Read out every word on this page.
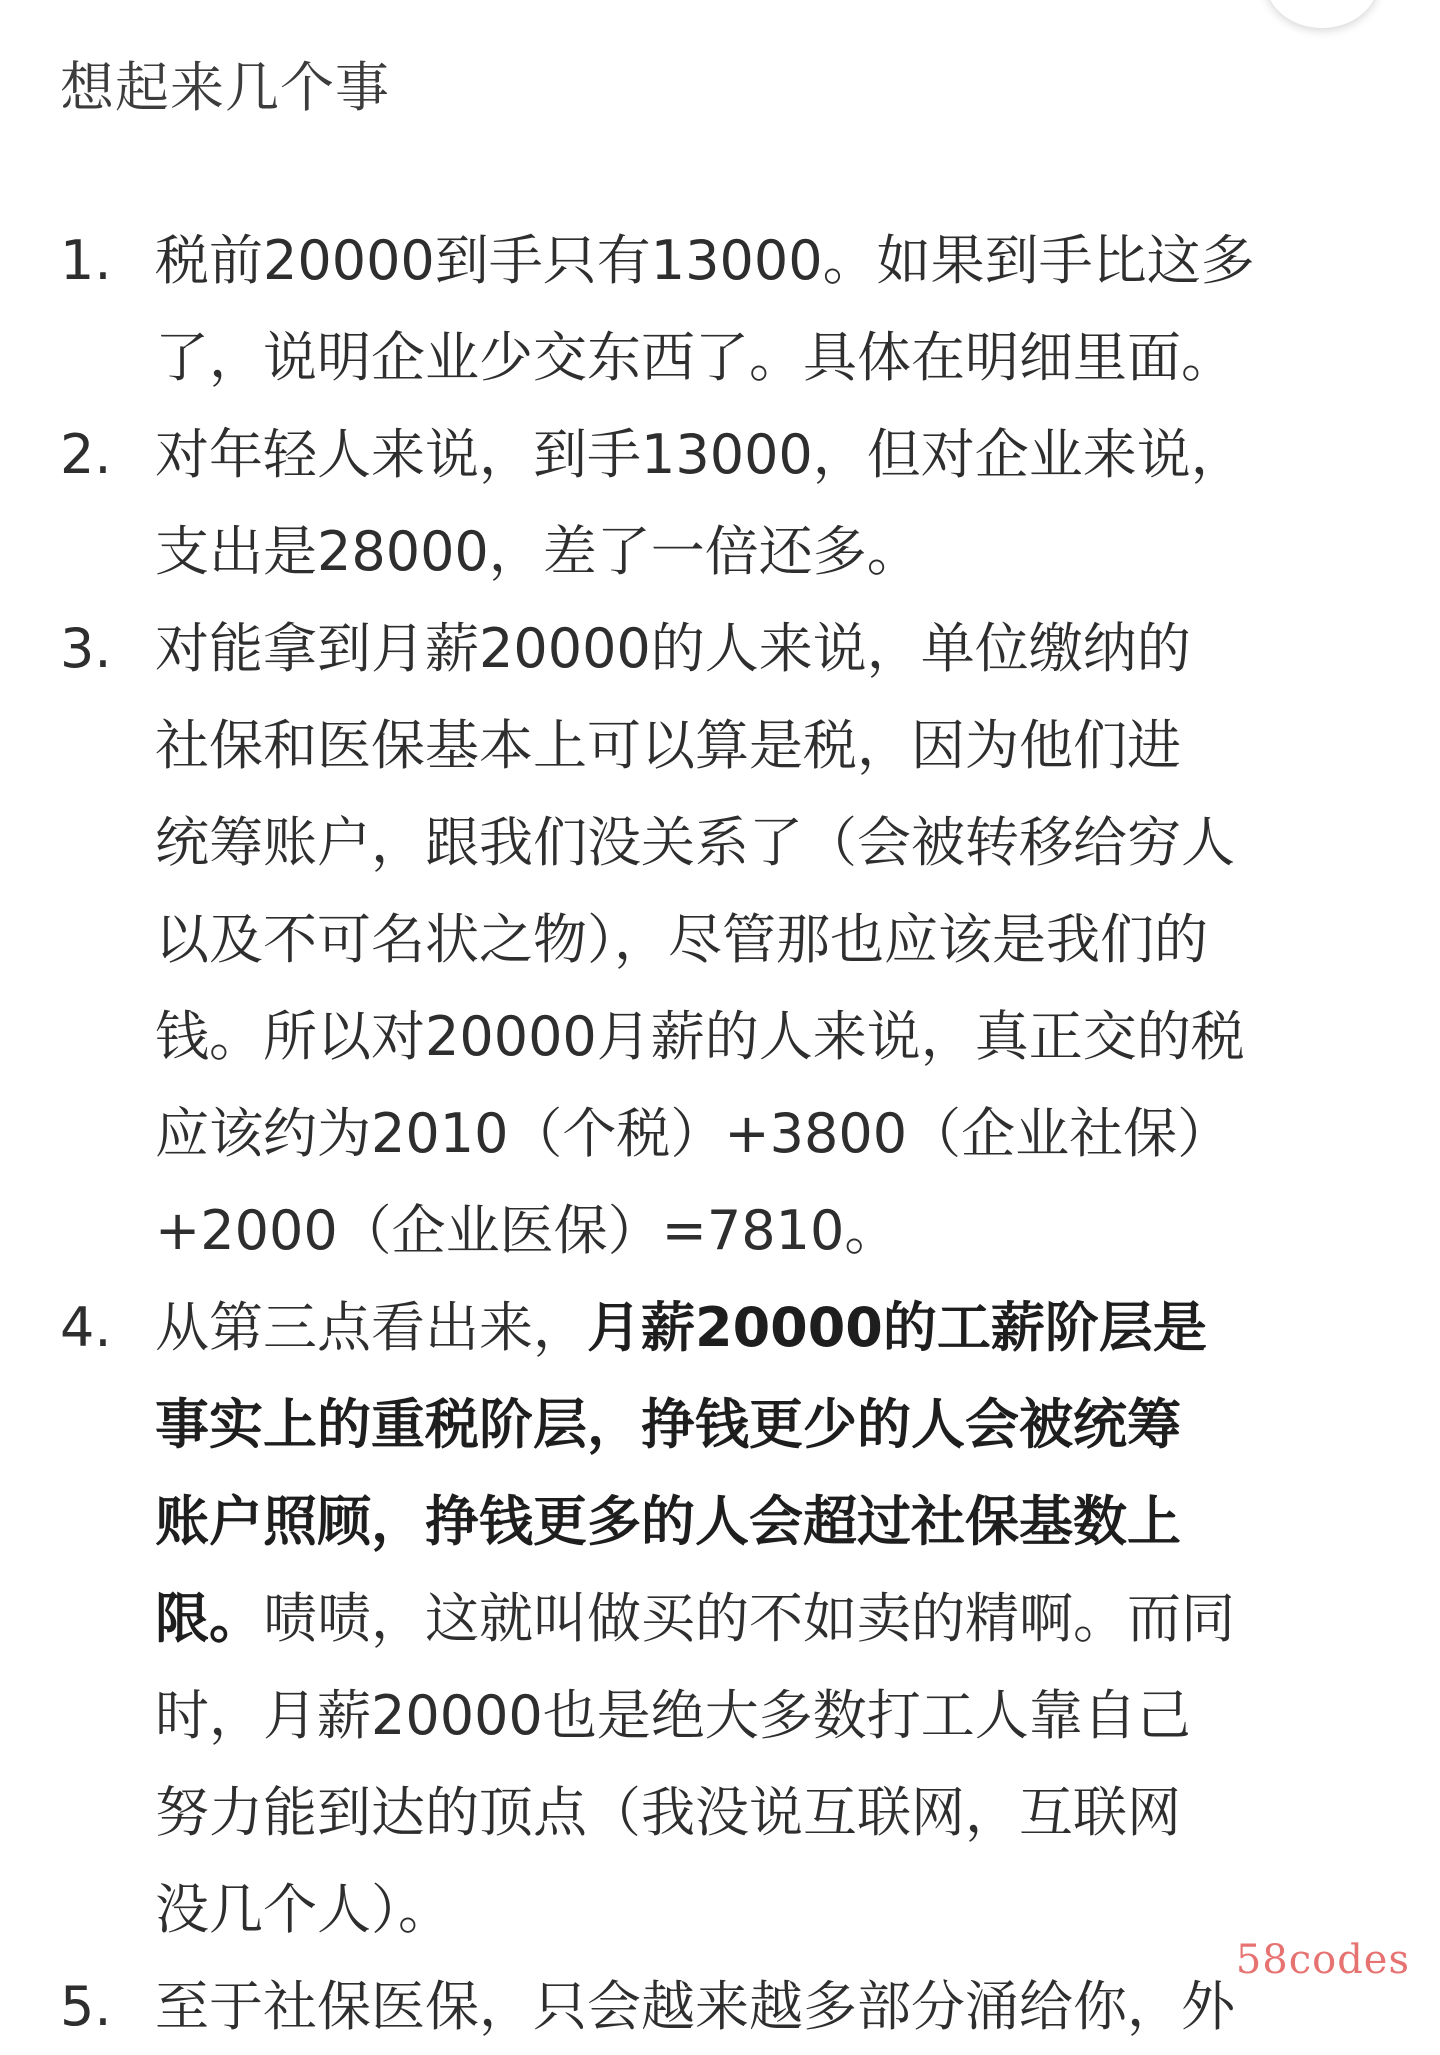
想起来几个事
1. 税前20000到手只有13000。如果到手比这多
了，说明企业少交东西了。具体在明细里面。
2. 对年轻人来说，到手13000，但对企业来说，
支出是28000，差了一倍还多。
3. 对能拿到月薪20000的人来说，单位缴纳的
社保和医保基本上可以算是税，因为他们进
统筹账户，跟我们没关系了（会被转移给穷人
以及不可名状之物），尽管那也应该是我们的
钱。所以对20000月薪的人来说，真正交的税
应该约为2010（个税）+3800（企业社保）
+2000（企业医保）=7810。
4. 从第三点看出来，月薪20000的工薪阶层是
事实上的重税阶层，挣钱更少的人会被统筹
账户照顾，挣钱更多的人会超过社保基数上
限。啧啧，这就叫做买的不如卖的精啊。而同
时，月薪20000也是绝大多数打工人靠自己
努力能到达的顶点（我没说互联网，互联网
没几个人）。
5. 至于社保医保，只会越来越多部分涌给你，外
58codes
